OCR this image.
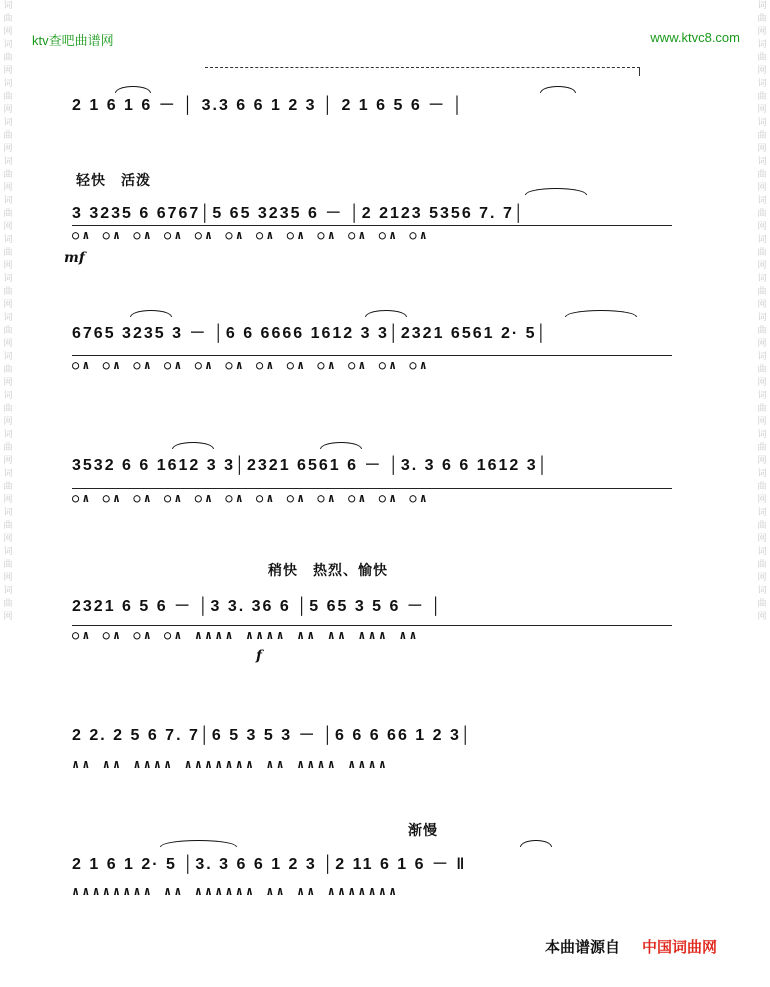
词曲网词曲网词曲网词曲网词曲网词曲网词曲网词曲网词曲网词曲网词曲网词曲网词曲网词曲网词曲网词曲网
词曲网词曲网词曲网词曲网词曲网词曲网词曲网词曲网词曲网词曲网词曲网词曲网词曲网词曲网词曲网词曲网
ktv查吧曲谱网	www.ktvc8.com
2 1 6 1 6 － │ 3.3 6 6 1 2 3 │ 2 1 6 5 6 － │
轻快　活泼
3 3235 6 6767│5 65 3235 6 － │2 2123 5356 7. 7│
○∧ ○∧ ○∧ ○∧ ○∧ ○∧ ○∧ ○∧ ○∧ ○∧ ○∧ ○∧
mf
6765 3235 3 － │6 6 6666 1612 3 3│2321 6561 2· 5│
○∧ ○∧ ○∧ ○∧ ○∧ ○∧ ○∧ ○∧ ○∧ ○∧ ○∧ ○∧
3532 6 6 1612 3 3│2321 6561 6 － │3. 3 6 6 1612 3│
○∧ ○∧ ○∧ ○∧ ○∧ ○∧ ○∧ ○∧ ○∧ ○∧ ○∧ ○∧
稍快　热烈、愉快
2321 6 5 6 － │3 3. 36 6 │5 65 3 5 6 － │
○∧ ○∧ ○∧ ○∧ ∧∧∧∧ ∧∧∧∧ ∧∧ ∧∧ ∧∧∧ ∧∧
f
2 2. 2 5 6 7. 7│6 5 3 5 3 － │6 6 6 66 1 2 3│
∧∧ ∧∧ ∧∧∧∧ ∧∧∧∧∧∧∧ ∧∧ ∧∧∧∧ ∧∧∧∧
渐慢
2 1 6 1 2· 5 │3. 3 6 6 1 2 3 │2 11 6 1 6 － ‖
∧∧∧∧∧∧∧∧ ∧∧ ∧∧∧∧∧∧ ∧∧ ∧∧ ∧∧∧∧∧∧∧
本曲谱源自 中国词曲网
